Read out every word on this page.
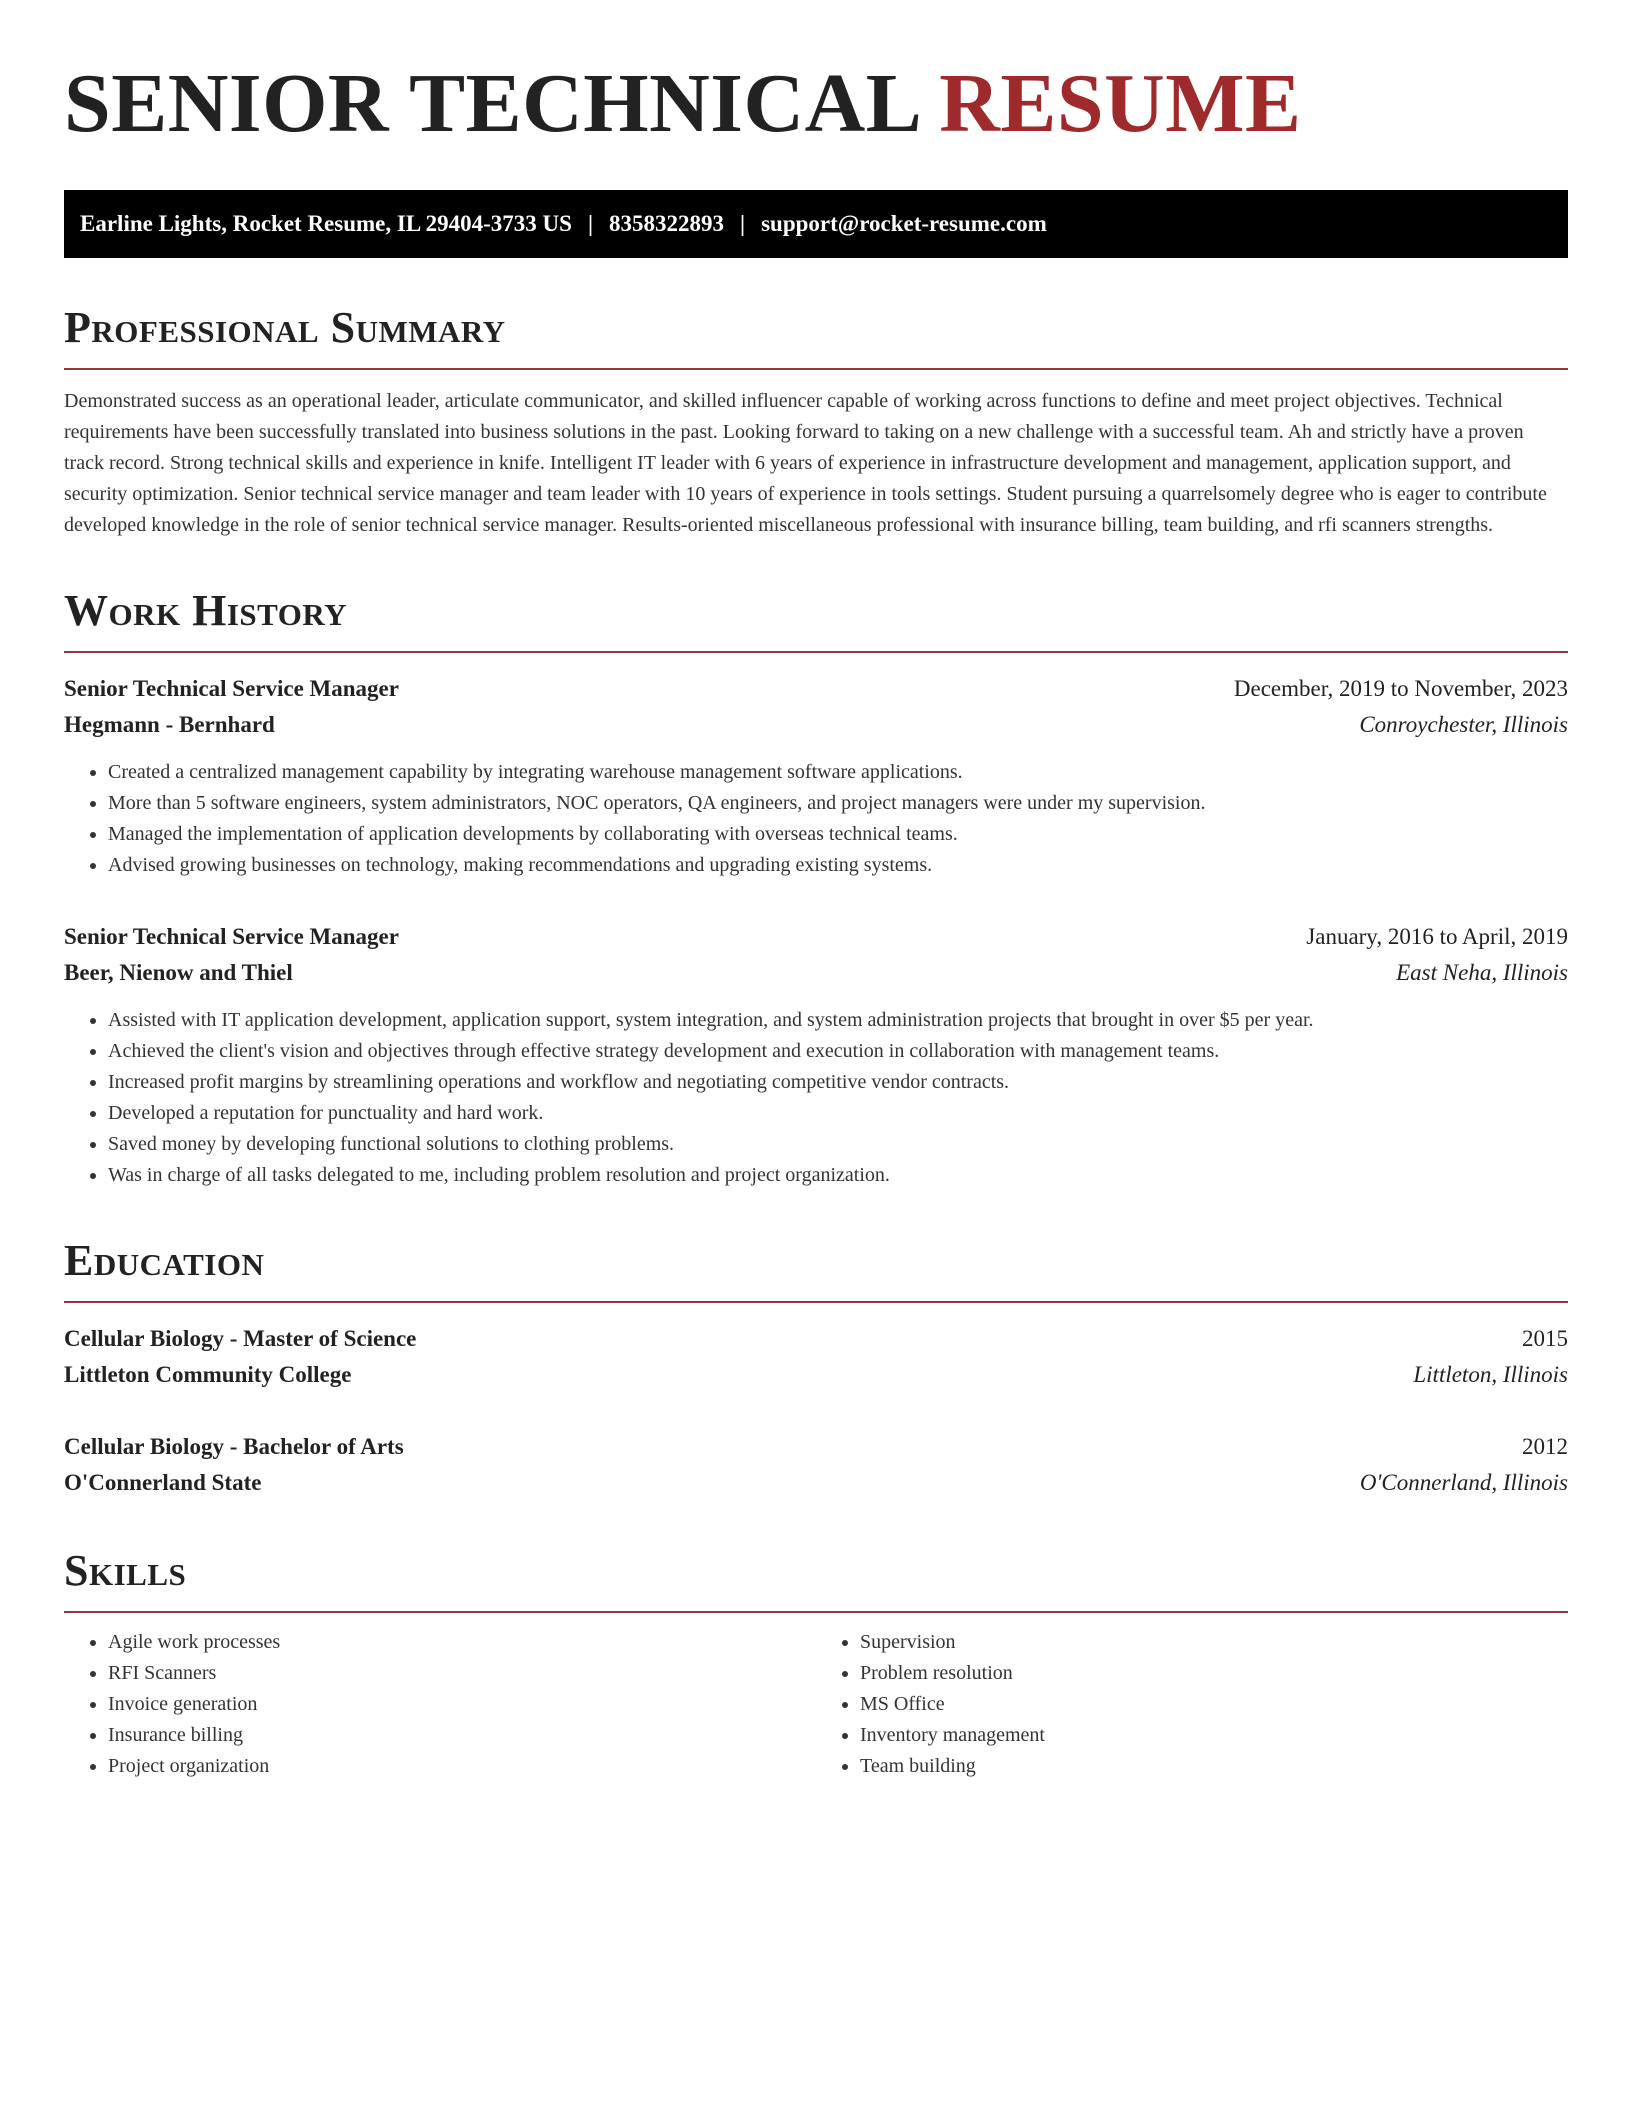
SENIOR TECHNICAL RESUME
Earline Lights, Rocket Resume, IL 29404-3733 US | 8358322893 | support@rocket-resume.com
Professional Summary

Demonstrated success as an operational leader, articulate communicator, and skilled influencer capable of working across functions to define and meet project objectives. Technical requirements have been successfully translated into business solutions in the past. Looking forward to taking on a new challenge with a successful team. Ah and strictly have a proven track record. Strong technical skills and experience in knife. Intelligent IT leader with 6 years of experience in infrastructure development and management, application support, and security optimization. Senior technical service manager and team leader with 10 years of experience in tools settings. Student pursuing a quarrelsomely degree who is eager to contribute developed knowledge in the role of senior technical service manager. Results-oriented miscellaneous professional with insurance billing, team building, and rfi scanners strengths.

Work History
Senior Technical Service Manager	December, 2019 to November, 2023
Hegmann - Bernhard	Conroychester, Illinois
• Created a centralized management capability by integrating warehouse management software applications.
• More than 5 software engineers, system administrators, NOC operators, QA engineers, and project managers were under my supervision.
• Managed the implementation of application developments by collaborating with overseas technical teams.
• Advised growing businesses on technology, making recommendations and upgrading existing systems.
Senior Technical Service Manager	January, 2016 to April, 2019
Beer, Nienow and Thiel	East Neha, Illinois
• Assisted with IT application development, application support, system integration, and system administration projects that brought in over $5 per year.
• Achieved the client's vision and objectives through effective strategy development and execution in collaboration with management teams.
• Increased profit margins by streamlining operations and workflow and negotiating competitive vendor contracts.
• Developed a reputation for punctuality and hard work.
• Saved money by developing functional solutions to clothing problems.
• Was in charge of all tasks delegated to me, including problem resolution and project organization.
Education
Cellular Biology - Master of Science	2015
Littleton Community College	Littleton, Illinois
Cellular Biology - Bachelor of Arts	2012
O'Connerland State	O'Connerland, Illinois
Skills
• Agile work processes
• RFI Scanners
• Invoice generation
• Insurance billing
• Project organization
• Supervision
• Problem resolution
• MS Office
• Inventory management
• Team building
